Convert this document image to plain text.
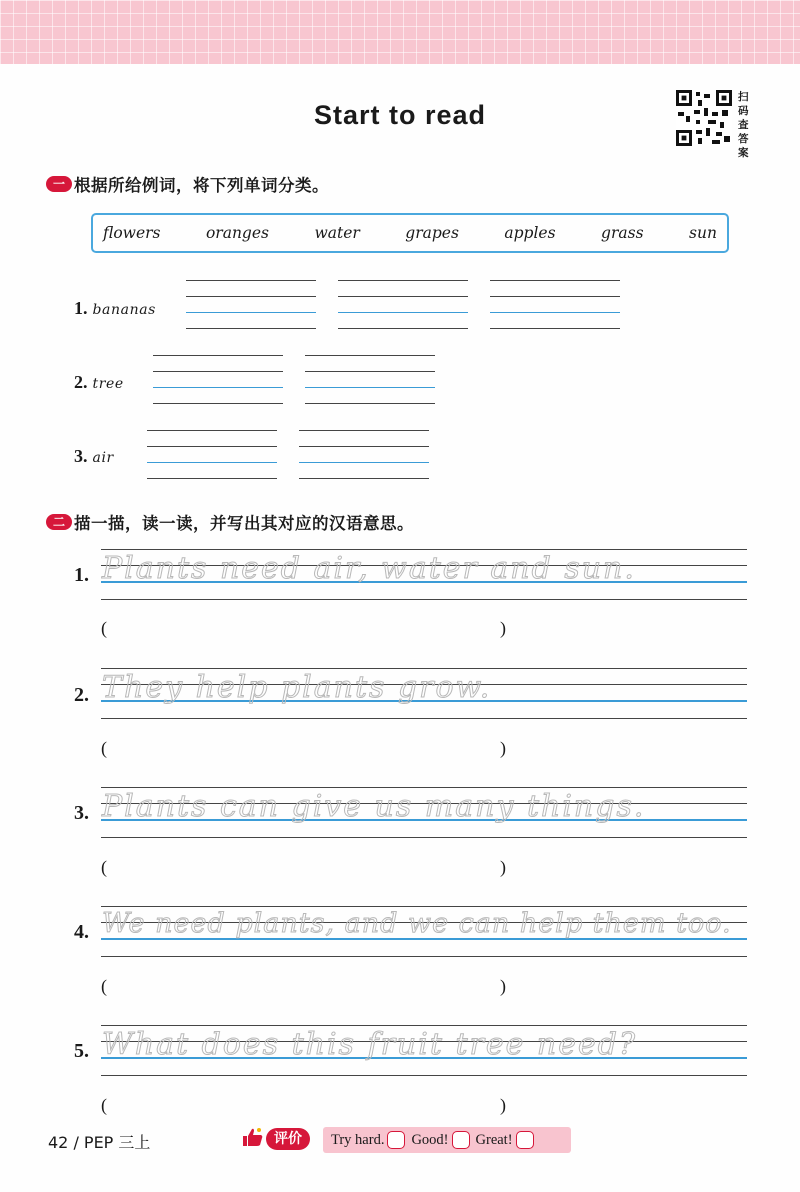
Start to read
扫
码
查
答
案
一 根据所给例词，将下列单词分类。
flowers	oranges	water	grapes	apples	grass	sun
1. bananas
2. tree
3. air
二 描一描，读一读，并写出其对应的汉语意思。
1. Plants need air, water and sun.
(	)
2. They help plants grow.
(	)
3. Plants can give us many things.
(	)
4. We need plants, and we can help them too.
(	)
5. What does this fruit tree need?
(	)
42 / PEP 三上	评价	Try hard. Good! Great!
